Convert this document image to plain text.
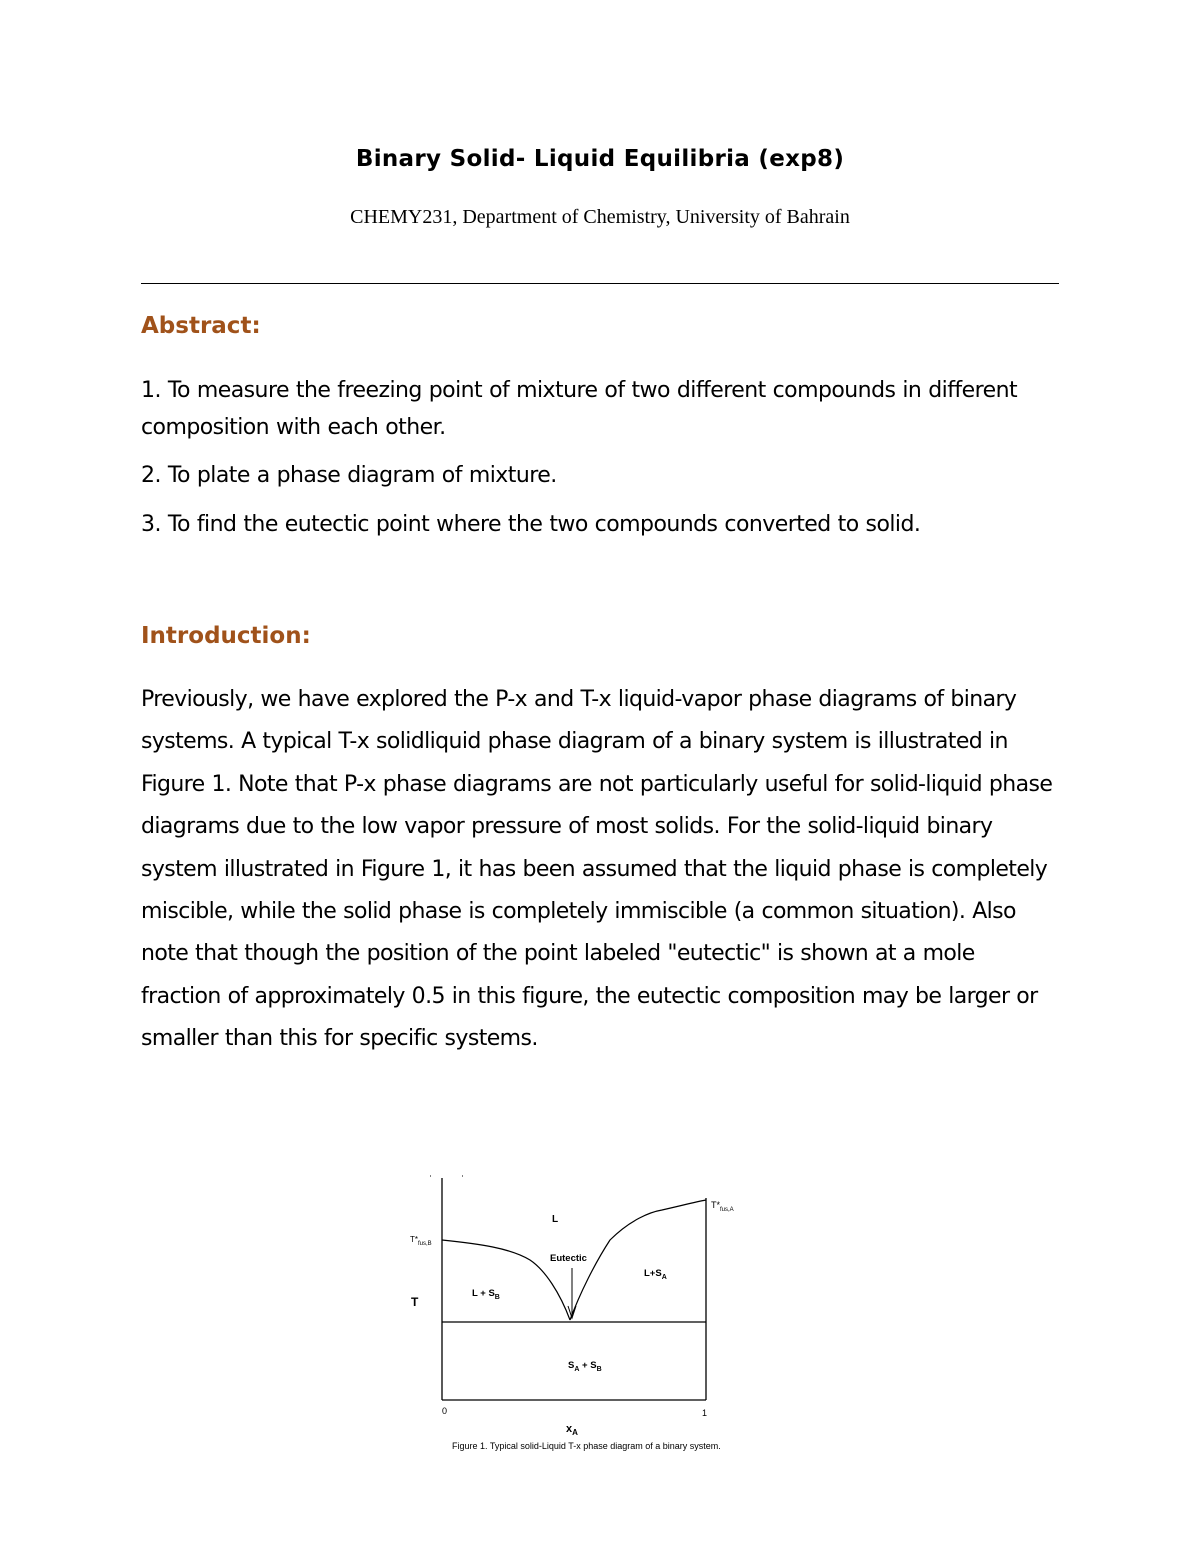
Binary Solid- Liquid Equilibria (exp8)
CHEMY231, Department of Chemistry, University of Bahrain
Abstract:

1. To measure the freezing point of mixture of two different compounds in different composition with each other.

2. To plate a phase diagram of mixture.

3. To find the eutectic point where the two compounds converted to solid.

Introduction:

Previously, we have explored the P-x and T-x liquid-vapor phase diagrams of binary systems. A typical T-x solidliquid phase diagram of a binary system is illustrated in Figure 1. Note that P-x phase diagrams are not particularly useful for solid-liquid phase diagrams due to the low vapor pressure of most solids. For the solid-liquid binary system illustrated in Figure 1, it has been assumed that the liquid phase is completely miscible, while the solid phase is completely immiscible (a common situation). Also note that though the position of the point labeled "eutectic" is shown at a mole fraction of approximately 0.5 in this figure, the eutectic composition may be larger or smaller than this for specific systems.

L
Eutectic
$L + S_B$
$L+S_A$
$S_A + S_B$
T
$T*_{fus,A}$
$T*_{fus,B}$
0	1
$x_A$
Figure 1. Typical solid-Liquid T-x phase diagram of a binary system.
